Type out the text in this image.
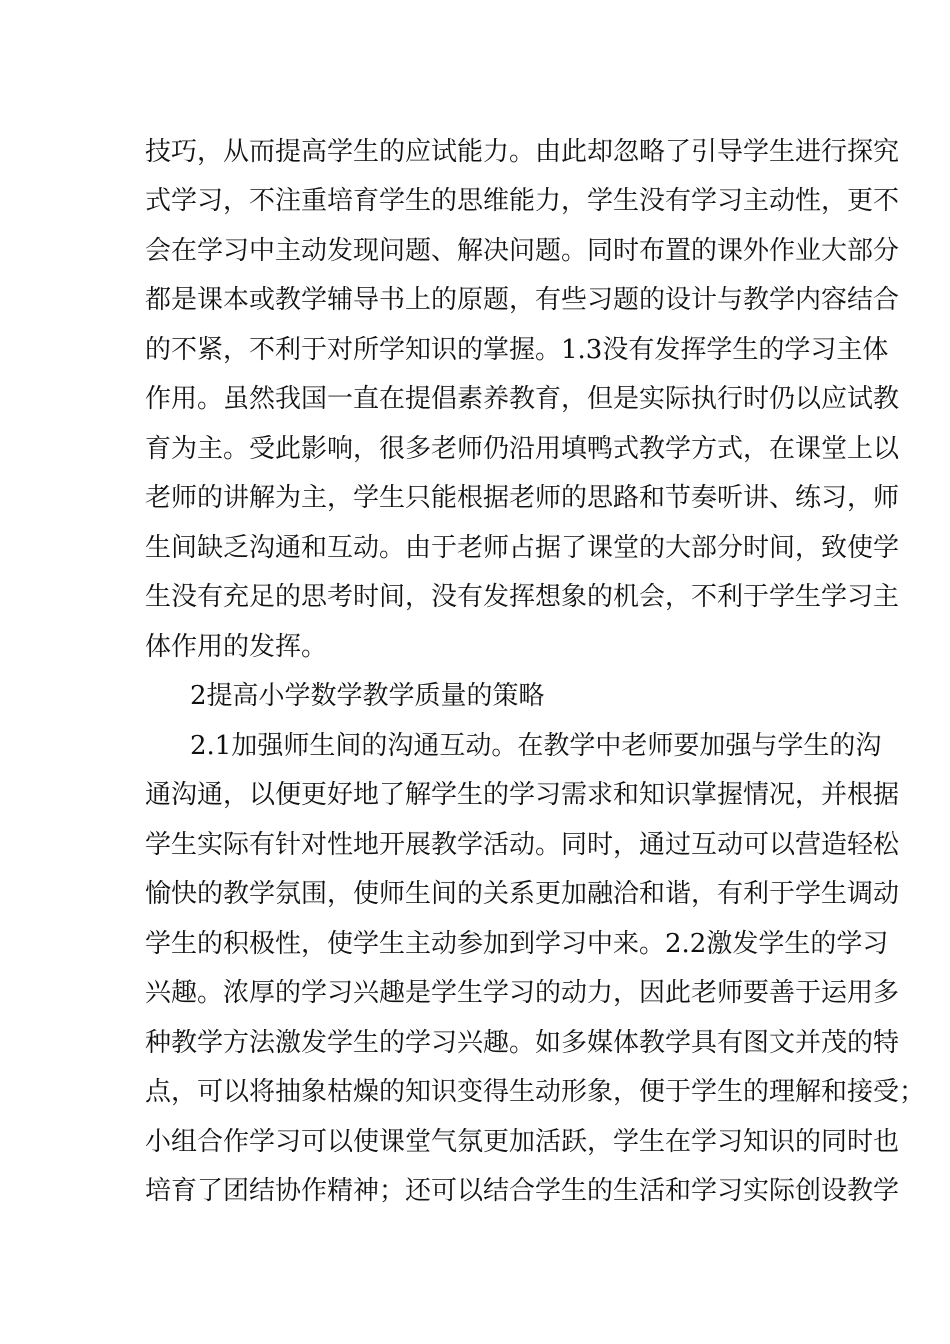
技巧，从而提高学生的应试能力。由此却忽略了引导学生进行探究
式学习，不注重培育学生的思维能力，学生没有学习主动性，更不
会在学习中主动发现问题、解决问题。同时布置的课外作业大部分
都是课本或教学辅导书上的原题，有些习题的设计与教学内容结合
的不紧，不利于对所学知识的掌握。1.3没有发挥学生的学习主体
作用。虽然我国一直在提倡素养教育，但是实际执行时仍以应试教
育为主。受此影响，很多老师仍沿用填鸭式教学方式，在课堂上以
老师的讲解为主，学生只能根据老师的思路和节奏听讲、练习，师
生间缺乏沟通和互动。由于老师占据了课堂的大部分时间，致使学
生没有充足的思考时间，没有发挥想象的机会，不利于学生学习主
体作用的发挥。
2提高小学数学教学质量的策略
2.1加强师生间的沟通互动。在教学中老师要加强与学生的沟
通沟通，以便更好地了解学生的学习需求和知识掌握情况，并根据
学生实际有针对性地开展教学活动。同时，通过互动可以营造轻松
愉快的教学氛围，使师生间的关系更加融洽和谐，有利于学生调动
学生的积极性，使学生主动参加到学习中来。2.2激发学生的学习
兴趣。浓厚的学习兴趣是学生学习的动力，因此老师要善于运用多
种教学方法激发学生的学习兴趣。如多媒体教学具有图文并茂的特
点，可以将抽象枯燥的知识变得生动形象，便于学生的理解和接受；
小组合作学习可以使课堂气氛更加活跃，学生在学习知识的同时也
培育了团结协作精神；还可以结合学生的生活和学习实际创设教学
